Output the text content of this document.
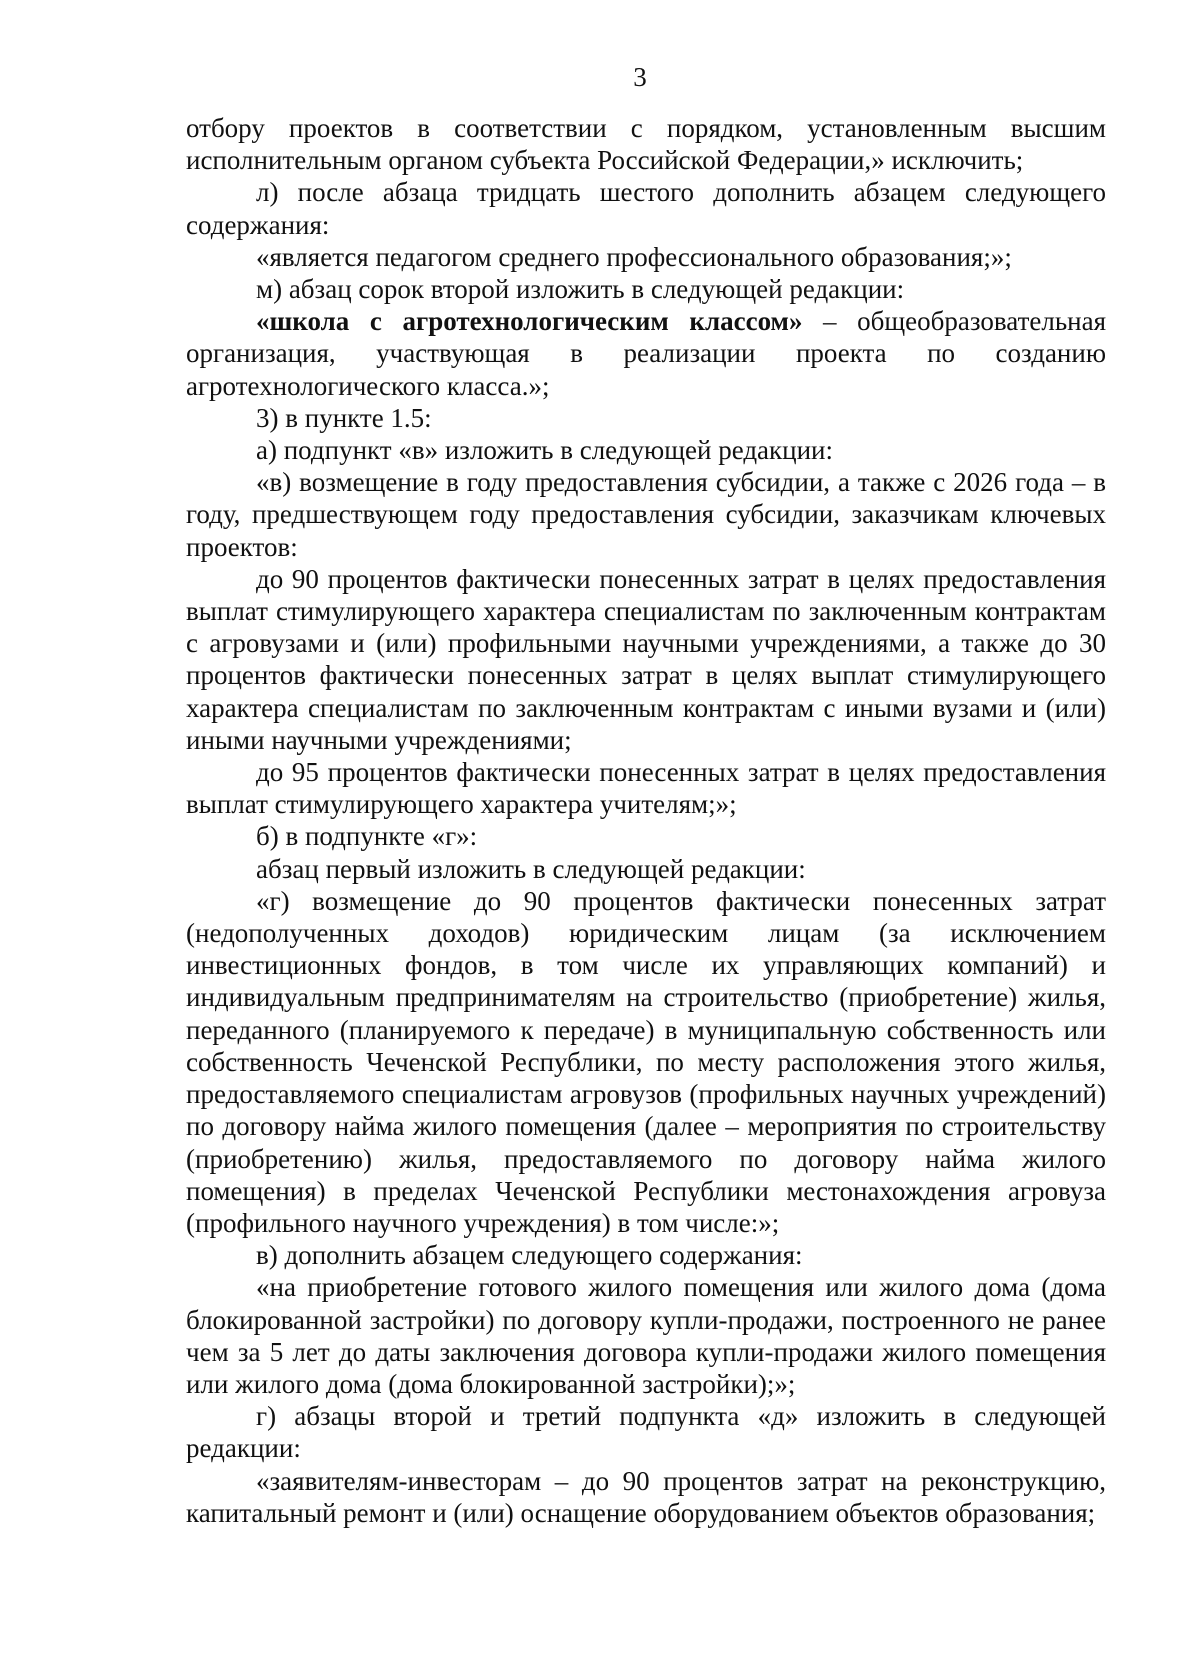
3

отбору проектов в соответствии с порядком, установленным высшим исполнительным органом субъекта Российской Федерации,» исключить;

л) после абзаца тридцать шестого дополнить абзацем следующего содержания:

«является педагогом среднего профессионального образования;»;

м) абзац сорок второй изложить в следующей редакции:

«школа с агротехнологическим классом» – общеобразовательная организация, участвующая в реализации проекта по созданию агротехнологического класса.»;

3) в пункте 1.5:

а) подпункт «в» изложить в следующей редакции:

«в) возмещение в году предоставления субсидии, а также с 2026 года – в году, предшествующем году предоставления субсидии, заказчикам ключевых проектов:

до 90 процентов фактически понесенных затрат в целях предоставления выплат стимулирующего характера специалистам по заключенным контрактам с агровузами и (или) профильными научными учреждениями, а также до 30 процентов фактически понесенных затрат в целях выплат стимулирующего характера специалистам по заключенным контрактам с иными вузами и (или) иными научными учреждениями;

до 95 процентов фактически понесенных затрат в целях предоставления выплат стимулирующего характера учителям;»;

б) в подпункте «г»:

абзац первый изложить в следующей редакции:

«г) возмещение до 90 процентов фактически понесенных затрат (недополученных доходов) юридическим лицам (за исключением инвестиционных фондов, в том числе их управляющих компаний) и индивидуальным предпринимателям на строительство (приобретение) жилья, переданного (планируемого к передаче) в муниципальную собственность или собственность Чеченской Республики, по месту расположения этого жилья, предоставляемого специалистам агровузов (профильных научных учреждений) по договору найма жилого помещения (далее – мероприятия по строительству (приобретению) жилья, предоставляемого по договору найма жилого помещения) в пределах Чеченской Республики местонахождения агровуза (профильного научного учреждения) в том числе:»;

в) дополнить абзацем следующего содержания:

«на приобретение готового жилого помещения или жилого дома (дома блокированной застройки) по договору купли-продажи, построенного не ранее чем за 5 лет до даты заключения договора купли-продажи жилого помещения или жилого дома (дома блокированной застройки);»;

г) абзацы второй и третий подпункта «д» изложить в следующей редакции:

«заявителям-инвесторам – до 90 процентов затрат на реконструкцию, капитальный ремонт и (или) оснащение оборудованием объектов образования;
